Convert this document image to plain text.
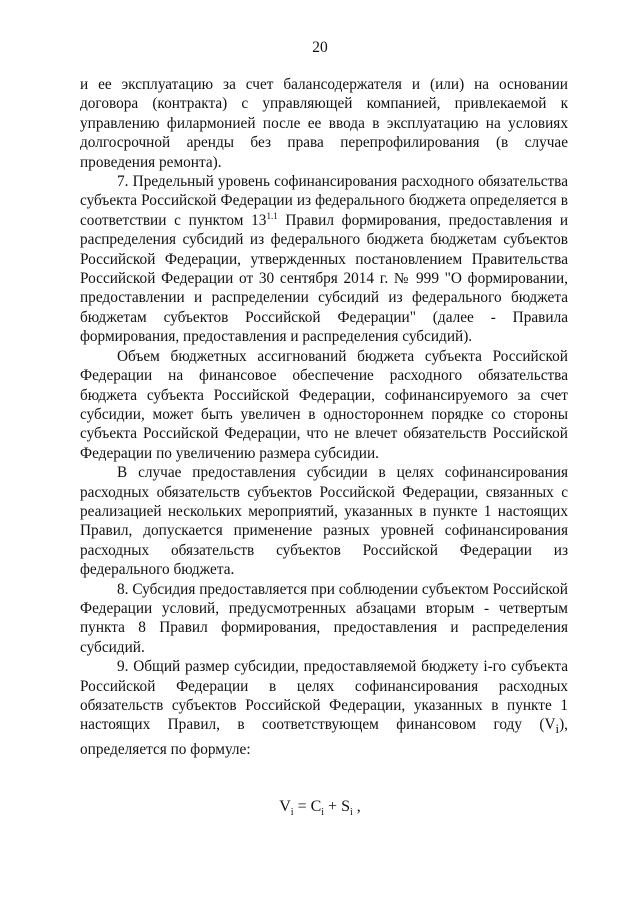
20

и ее эксплуатацию за счет балансодержателя и (или) на основании договора (контракта) с управляющей компанией, привлекаемой к управлению филармонией после ее ввода в эксплуатацию на условиях долгосрочной аренды без права перепрофилирования (в случае проведения ремонта).

7. Предельный уровень софинансирования расходного обязательства субъекта Российской Федерации из федерального бюджета определяется в соответствии с пунктом $13^{1.1}$ Правил формирования, предоставления и распределения субсидий из федерального бюджета бюджетам субъектов Российской Федерации, утвержденных постановлением Правительства Российской Федерации от 30 сентября 2014 г. № 999 "О формировании, предоставлении и распределении субсидий из федерального бюджета бюджетам субъектов Российской Федерации" (далее - Правила формирования, предоставления и распределения субсидий).

Объем бюджетных ассигнований бюджета субъекта Российской Федерации на финансовое обеспечение расходного обязательства бюджета субъекта Российской Федерации, софинансируемого за счет субсидии, может быть увеличен в одностороннем порядке со стороны субъекта Российской Федерации, что не влечет обязательств Российской Федерации по увеличению размера субсидии.

В случае предоставления субсидии в целях софинансирования расходных обязательств субъектов Российской Федерации, связанных с реализацией нескольких мероприятий, указанных в пункте 1 настоящих Правил, допускается применение разных уровней софинансирования расходных обязательств субъектов Российской Федерации из федерального бюджета.

8. Субсидия предоставляется при соблюдении субъектом Российской Федерации условий, предусмотренных абзацами вторым - четвертым пункта 8 Правил формирования, предоставления и распределения субсидий.

9. Общий размер субсидии, предоставляемой бюджету i-го субъекта Российской Федерации в целях софинансирования расходных обязательств субъектов Российской Федерации, указанных в пункте 1 настоящих Правил, в соответствующем финансовом году $(V_i)$, определяется по формуле:

$V_i = C_i + S_i$ ,
